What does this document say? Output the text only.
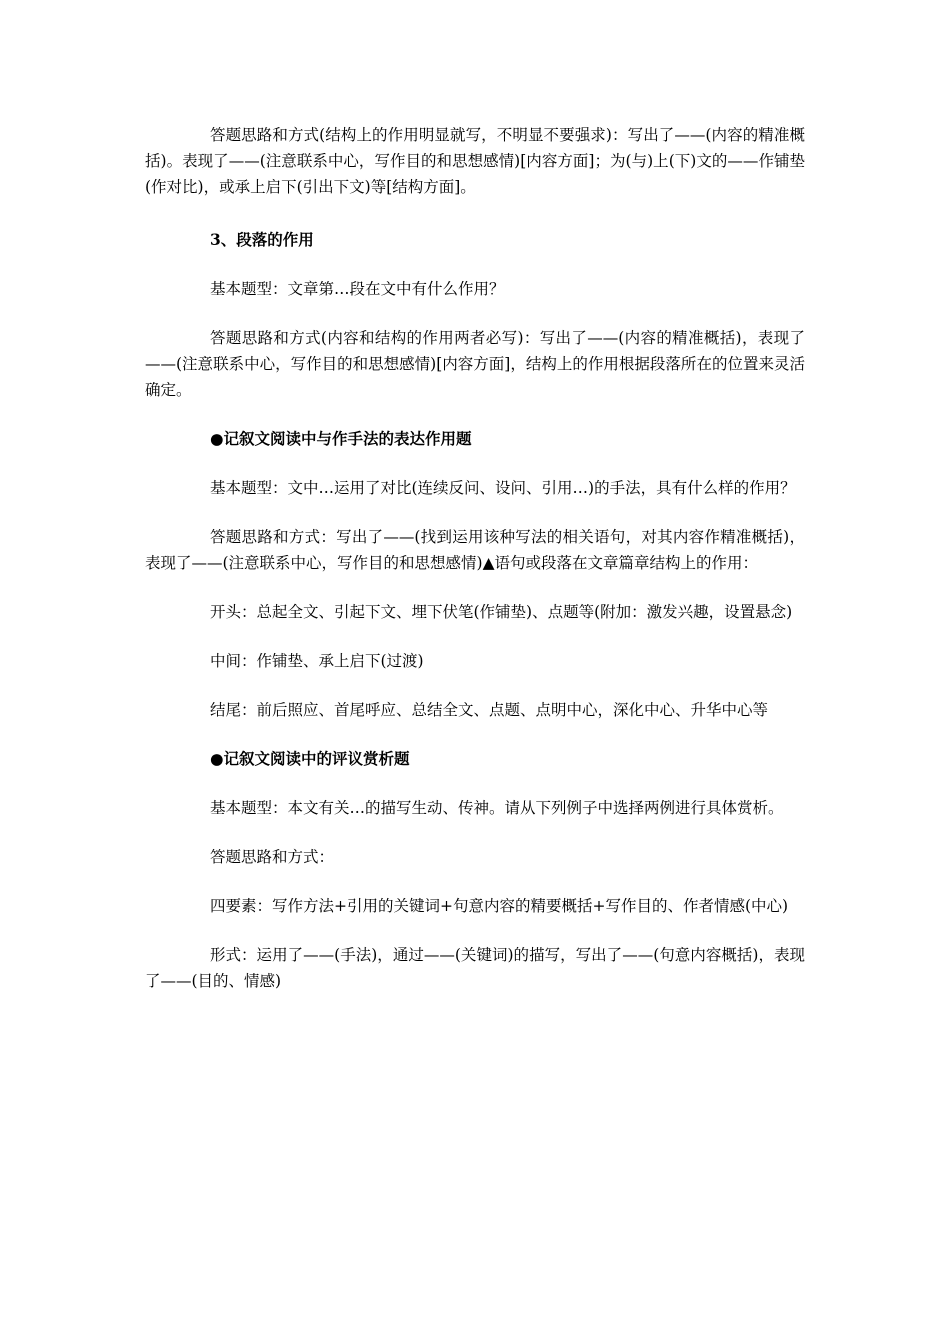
答题思路和方式(结构上的作用明显就写，不明显不要强求)：写出了——(内容的精准概括)。表现了——(注意联系中心，写作目的和思想感情)[内容方面]；为(与)上(下)文的——作铺垫(作对比)，或承上启下(引出下文)等[结构方面]。

3、段落的作用

基本题型：文章第…段在文中有什么作用？

答题思路和方式(内容和结构的作用两者必写)：写出了——(内容的精准概括)，表现了——(注意联系中心，写作目的和思想感情)[内容方面]，结构上的作用根据段落所在的位置来灵活确定。

●记叙文阅读中与作手法的表达作用题

基本题型：文中…运用了对比(连续反问、设问、引用…)的手法，具有什么样的作用？

答题思路和方式：写出了——(找到运用该种写法的相关语句，对其内容作精准概括)，表现了——(注意联系中心，写作目的和思想感情)▲语句或段落在文章篇章结构上的作用：

开头：总起全文、引起下文、埋下伏笔(作铺垫)、点题等(附加：激发兴趣，设置悬念)

中间：作铺垫、承上启下(过渡)

结尾：前后照应、首尾呼应、总结全文、点题、点明中心，深化中心、升华中心等

●记叙文阅读中的评议赏析题

基本题型：本文有关…的描写生动、传神。请从下列例子中选择两例进行具体赏析。

答题思路和方式：

四要素：写作方法+引用的关键词+句意内容的精要概括+写作目的、作者情感(中心)

形式：运用了——(手法)，通过——(关键词)的描写，写出了——(句意内容概括)，表现了——(目的、情感)
